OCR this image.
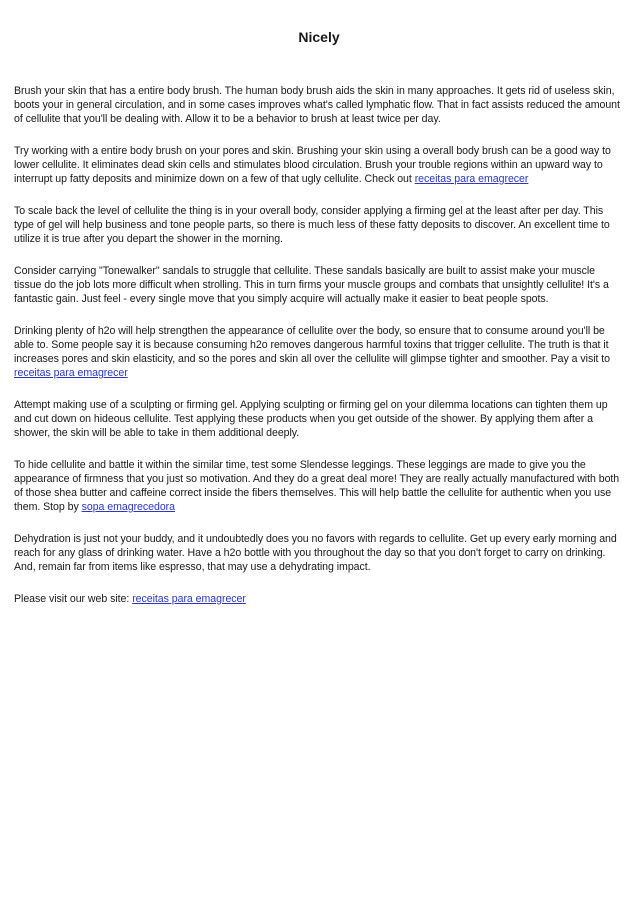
Nicely

Brush your skin that has a entire body brush. The human body brush aids the skin in many approaches. It gets rid of useless skin, boots your in general circulation, and in some cases improves what's called lymphatic flow. That in fact assists reduced the amount of cellulite that you'll be dealing with. Allow it to be a behavior to brush at least twice per day.

Try working with a entire body brush on your pores and skin. Brushing your skin using a overall body brush can be a good way to lower cellulite. It eliminates dead skin cells and stimulates blood circulation. Brush your trouble regions within an upward way to interrupt up fatty deposits and minimize down on a few of that ugly cellulite. Check out receitas para emagrecer

To scale back the level of cellulite the thing is in your overall body, consider applying a firming gel at the least after per day. This type of gel will help business and tone people parts, so there is much less of these fatty deposits to discover. An excellent time to utilize it is true after you depart the shower in the morning.

Consider carrying "Tonewalker" sandals to struggle that cellulite. These sandals basically are built to assist make your muscle tissue do the job lots more difficult when strolling. This in turn firms your muscle groups and combats that unsightly cellulite! It's a fantastic gain. Just feel - every single move that you simply acquire will actually make it easier to beat people spots.

Drinking plenty of h2o will help strengthen the appearance of cellulite over the body, so ensure that to consume around you'll be able to. Some people say it is because consuming h2o removes dangerous harmful toxins that trigger cellulite. The truth is that it increases pores and skin elasticity, and so the pores and skin all over the cellulite will glimpse tighter and smoother. Pay a visit to receitas para emagrecer

Attempt making use of a sculpting or firming gel. Applying sculpting or firming gel on your dilemma locations can tighten them up and cut down on hideous cellulite. Test applying these products when you get outside of the shower. By applying them after a shower, the skin will be able to take in them additional deeply.

To hide cellulite and battle it within the similar time, test some Slendesse leggings. These leggings are made to give you the appearance of firmness that you just so motivation. And they do a great deal more! They are really actually manufactured with both of those shea butter and caffeine correct inside the fibers themselves. This will help battle the cellulite for authentic when you use them. Stop by sopa emagrecedora

Dehydration is just not your buddy, and it undoubtedly does you no favors with regards to cellulite. Get up every early morning and reach for any glass of drinking water. Have a h2o bottle with you throughout the day so that you don't forget to carry on drinking. And, remain far from items like espresso, that may use a dehydrating impact.

Please visit our web site: receitas para emagrecer
